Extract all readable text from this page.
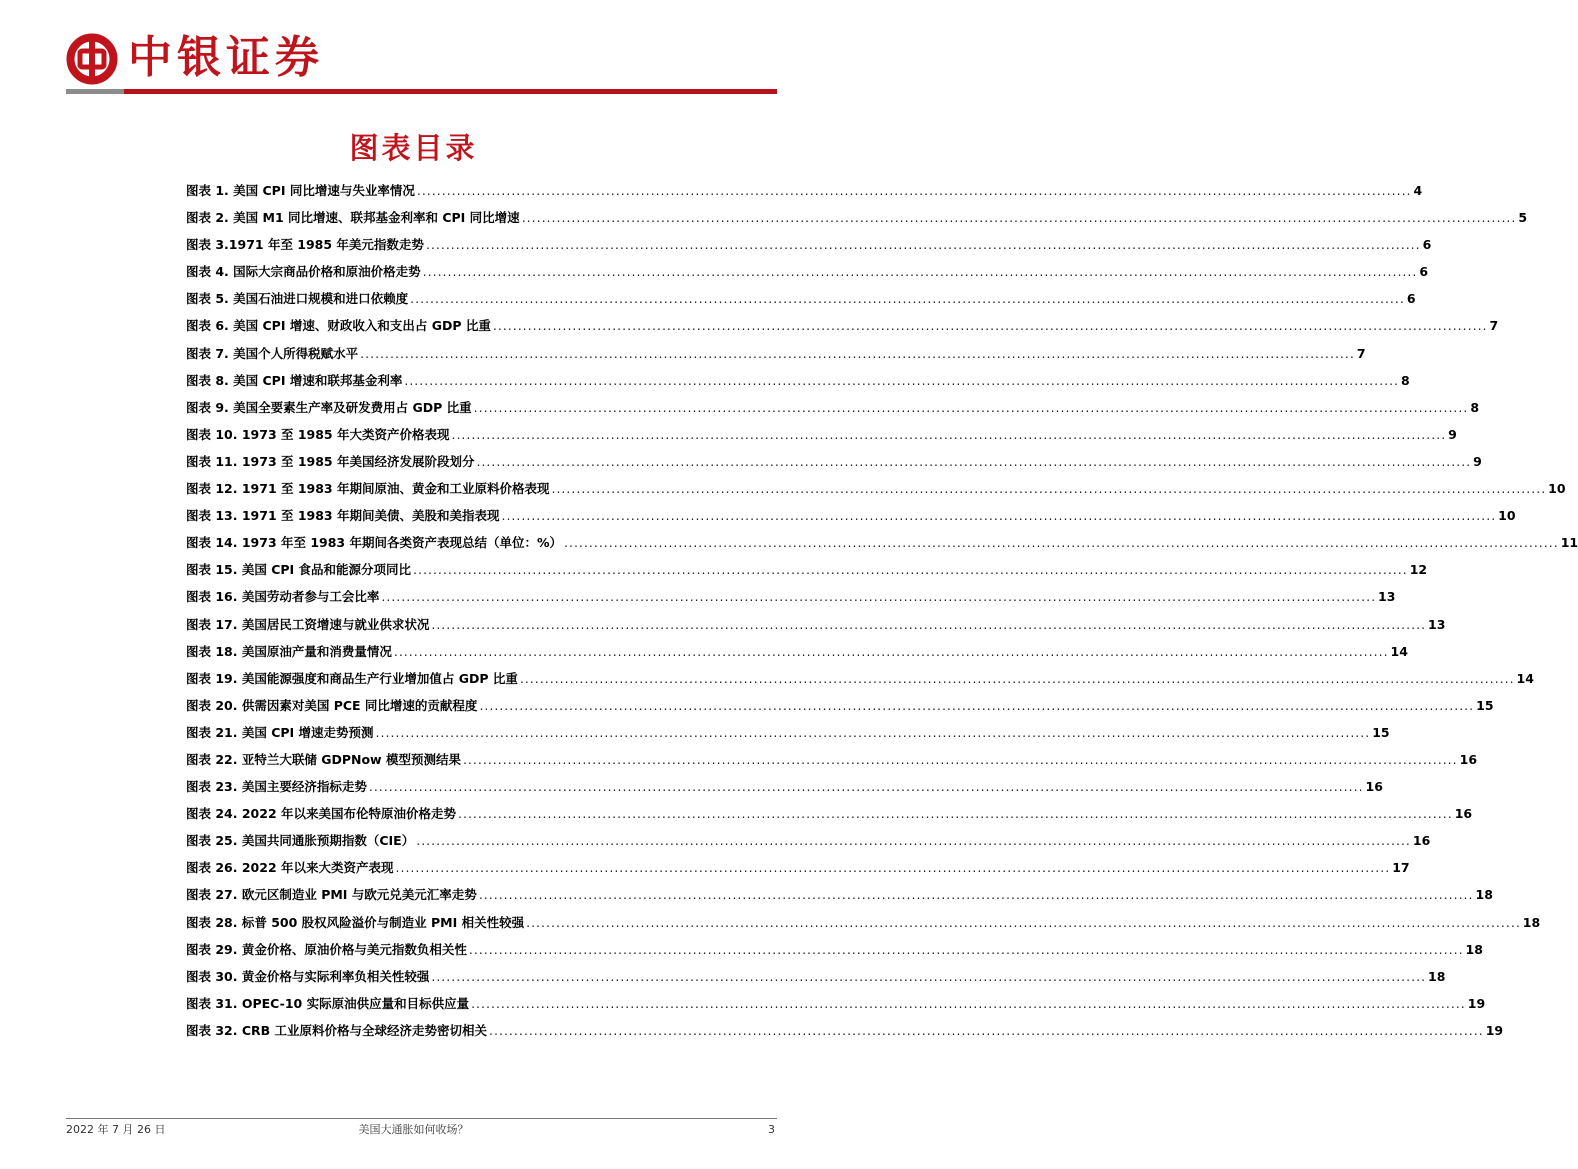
中银证券
图表目录
图表 1. 美国 CPI 同比增速与失业率情况 ........................................................................................................................................................................................................ 4
图表 2. 美国 M1 同比增速、联邦基金利率和 CPI 同比增速 ........................................................................................................................................................................................................ 5
图表 3.1971 年至 1985 年美元指数走势 ........................................................................................................................................................................................................ 6
图表 4. 国际大宗商品价格和原油价格走势 ........................................................................................................................................................................................................ 6
图表 5. 美国石油进口规模和进口依赖度 ........................................................................................................................................................................................................ 6
图表 6. 美国 CPI 增速、财政收入和支出占 GDP 比重 ........................................................................................................................................................................................................ 7
图表 7. 美国个人所得税赋水平 ........................................................................................................................................................................................................ 7
图表 8. 美国 CPI 增速和联邦基金利率 ........................................................................................................................................................................................................ 8
图表 9. 美国全要素生产率及研发费用占 GDP 比重 ........................................................................................................................................................................................................ 8
图表 10. 1973 至 1985 年大类资产价格表现 ........................................................................................................................................................................................................ 9
图表 11. 1973 至 1985 年美国经济发展阶段划分 ........................................................................................................................................................................................................ 9
图表 12. 1971 至 1983 年期间原油、黄金和工业原料价格表现 ........................................................................................................................................................................................................ 10
图表 13. 1971 至 1983 年期间美债、美股和美指表现 ........................................................................................................................................................................................................ 10
图表 14. 1973 年至 1983 年期间各类资产表现总结（单位：%） ........................................................................................................................................................................................................ 11
图表 15. 美国 CPI 食品和能源分项同比 ........................................................................................................................................................................................................ 12
图表 16. 美国劳动者参与工会比率 ........................................................................................................................................................................................................ 13
图表 17. 美国居民工资增速与就业供求状况 ........................................................................................................................................................................................................ 13
图表 18. 美国原油产量和消费量情况 ........................................................................................................................................................................................................ 14
图表 19. 美国能源强度和商品生产行业增加值占 GDP 比重 ........................................................................................................................................................................................................ 14
图表 20. 供需因素对美国 PCE 同比增速的贡献程度 ........................................................................................................................................................................................................ 15
图表 21. 美国 CPI 增速走势预测 ........................................................................................................................................................................................................ 15
图表 22. 亚特兰大联储 GDPNow 模型预测结果 ........................................................................................................................................................................................................ 16
图表 23. 美国主要经济指标走势 ........................................................................................................................................................................................................ 16
图表 24. 2022 年以来美国布伦特原油价格走势 ........................................................................................................................................................................................................ 16
图表 25. 美国共同通胀预期指数（CIE） ........................................................................................................................................................................................................ 16
图表 26. 2022 年以来大类资产表现 ........................................................................................................................................................................................................ 17
图表 27. 欧元区制造业 PMI 与欧元兑美元汇率走势 ........................................................................................................................................................................................................ 18
图表 28. 标普 500 股权风险溢价与制造业 PMI 相关性较强 ........................................................................................................................................................................................................ 18
图表 29. 黄金价格、原油价格与美元指数负相关性 ........................................................................................................................................................................................................ 18
图表 30. 黄金价格与实际利率负相关性较强 ........................................................................................................................................................................................................ 18
图表 31. OPEC-10 实际原油供应量和目标供应量 ........................................................................................................................................................................................................ 19
图表 32. CRB 工业原料价格与全球经济走势密切相关 ........................................................................................................................................................................................................ 19
2022 年 7 月 26 日	美国大通胀如何收场？	3
